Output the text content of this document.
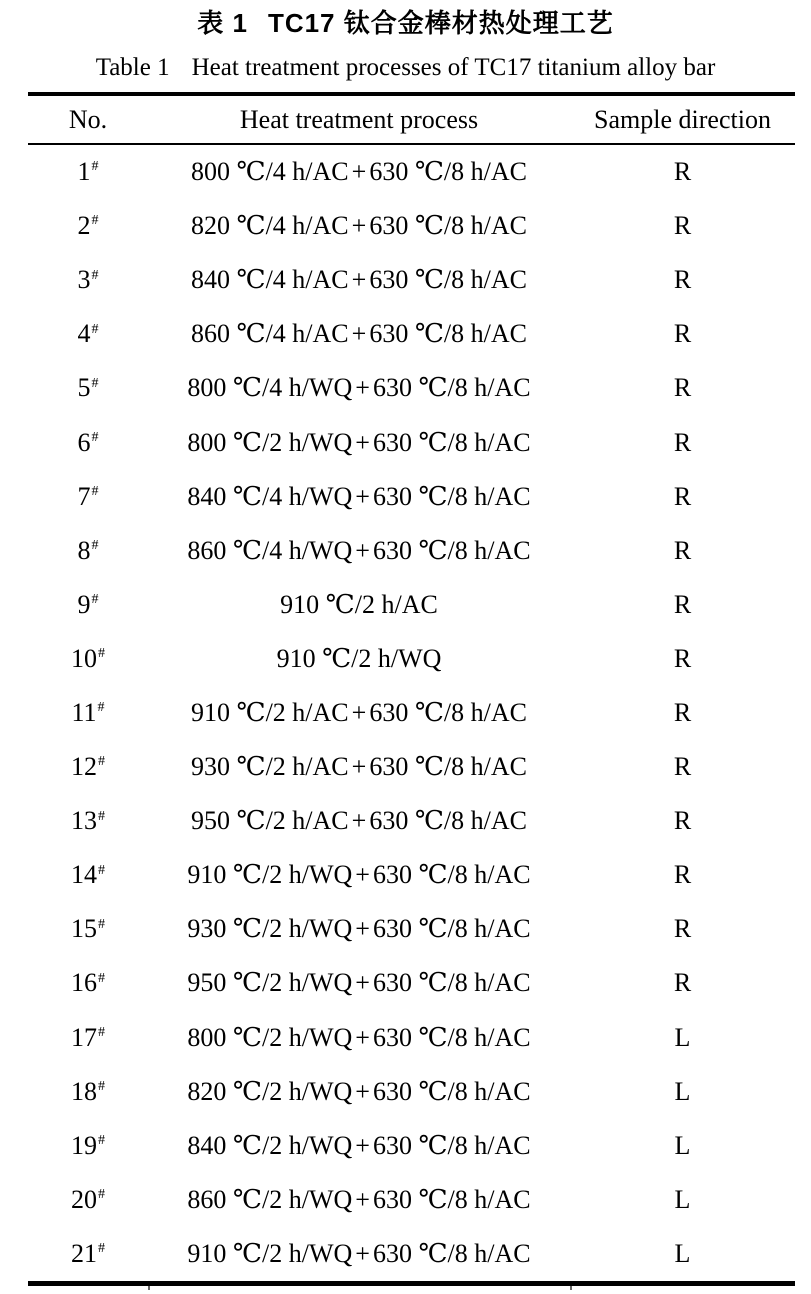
表 1 TC17 钛合金棒材热处理工艺
Table 1 Heat treatment processes of TC17 titanium alloy bar
No.	Heat treatment process	Sample direction
1#	800 ℃/4 h/AC + 630 ℃/8 h/AC	R
2#	820 ℃/4 h/AC + 630 ℃/8 h/AC	R
3#	840 ℃/4 h/AC + 630 ℃/8 h/AC	R
4#	860 ℃/4 h/AC + 630 ℃/8 h/AC	R
5#	800 ℃/4 h/WQ + 630 ℃/8 h/AC	R
6#	800 ℃/2 h/WQ + 630 ℃/8 h/AC	R
7#	840 ℃/4 h/WQ + 630 ℃/8 h/AC	R
8#	860 ℃/4 h/WQ + 630 ℃/8 h/AC	R
9#	910 ℃/2 h/AC	R
10#	910 ℃/2 h/WQ	R
11#	910 ℃/2 h/AC + 630 ℃/8 h/AC	R
12#	930 ℃/2 h/AC + 630 ℃/8 h/AC	R
13#	950 ℃/2 h/AC + 630 ℃/8 h/AC	R
14#	910 ℃/2 h/WQ + 630 ℃/8 h/AC	R
15#	930 ℃/2 h/WQ + 630 ℃/8 h/AC	R
16#	950 ℃/2 h/WQ + 630 ℃/8 h/AC	R
17#	800 ℃/2 h/WQ + 630 ℃/8 h/AC	L
18#	820 ℃/2 h/WQ + 630 ℃/8 h/AC	L
19#	840 ℃/2 h/WQ + 630 ℃/8 h/AC	L
20#	860 ℃/2 h/WQ + 630 ℃/8 h/AC	L
21#	910 ℃/2 h/WQ + 630 ℃/8 h/AC	L
